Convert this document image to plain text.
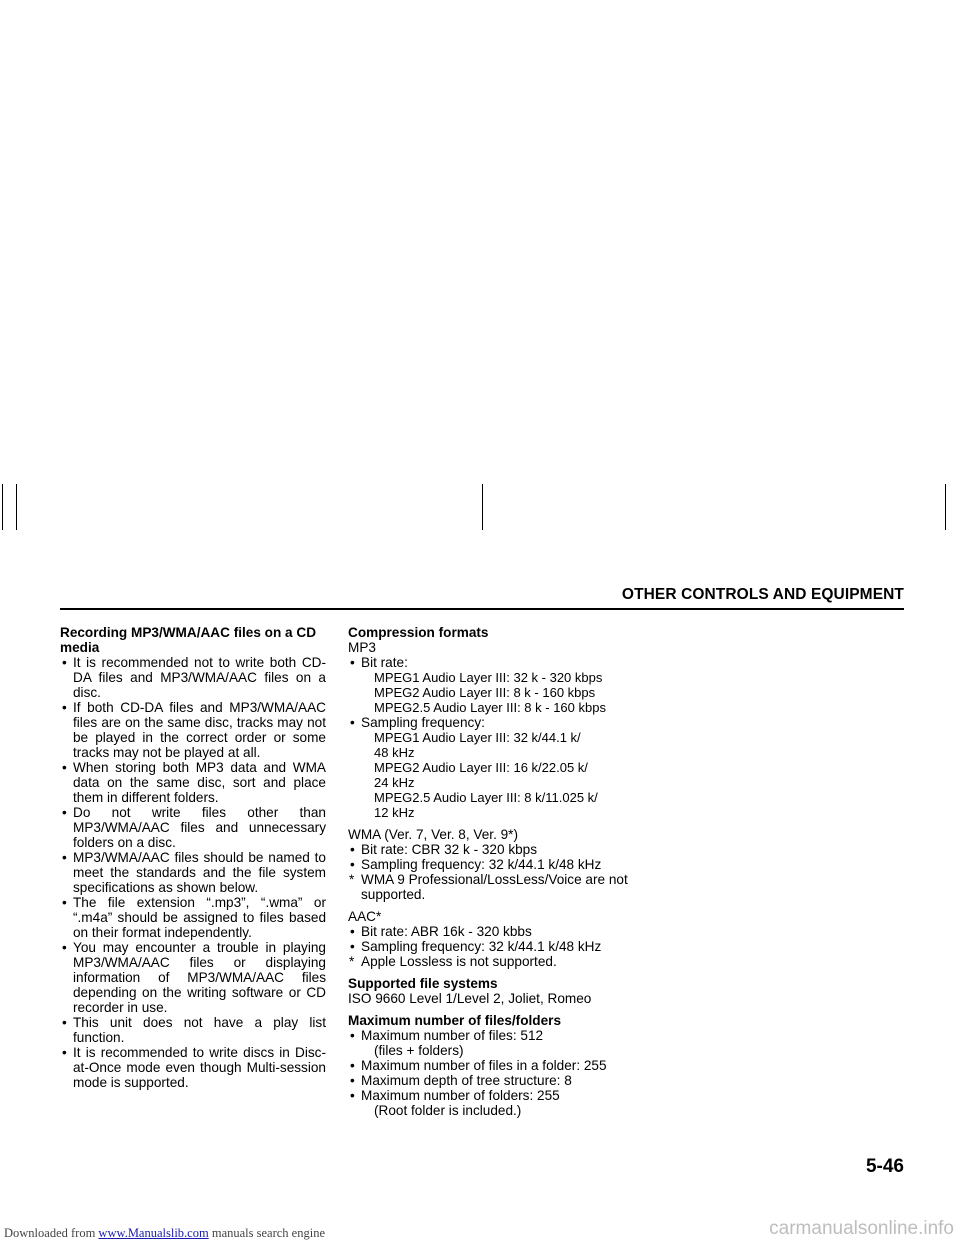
OTHER CONTROLS AND EQUIPMENT
Recording MP3/WMA/AAC files on a CD media
• It is recommended not to write both CD-DA files and MP3/WMA/AAC files on a disc.
• If both CD-DA files and MP3/WMA/AAC files are on the same disc, tracks may not be played in the correct order or some tracks may not be played at all.
• When storing both MP3 data and WMA data on the same disc, sort and place them in different folders.
• Do not write files other than MP3/WMA/AAC files and unnecessary folders on a disc.
• MP3/WMA/AAC files should be named to meet the standards and the file system specifications as shown below.
• The file extension “.mp3”, “.wma” or “.m4a” should be assigned to files based on their format independently.
• You may encounter a trouble in playing MP3/WMA/AAC files or displaying information of MP3/WMA/AAC files depending on the writing software or CD recorder in use.
• This unit does not have a play list function.
• It is recommended to write discs in Disc-at-Once mode even though Multi-session mode is supported.
Compression formats
MP3
• Bit rate:
MPEG1 Audio Layer III: 32 k - 320 kbps
MPEG2 Audio Layer III: 8 k - 160 kbps
MPEG2.5 Audio Layer III: 8 k - 160 kbps
• Sampling frequency:
MPEG1 Audio Layer III: 32 k/44.1 k/
48 kHz
MPEG2 Audio Layer III: 16 k/22.05 k/
24 kHz
MPEG2.5 Audio Layer III: 8 k/11.025 k/
12 kHz
WMA (Ver. 7, Ver. 8, Ver. 9*)
• Bit rate: CBR 32 k - 320 kbps
• Sampling frequency: 32 k/44.1 k/48 kHz
* WMA 9 Professional/LossLess/Voice are not supported.
AAC*
• Bit rate: ABR 16k - 320 kbbs
• Sampling frequency: 32 k/44.1 k/48 kHz
* Apple Lossless is not supported.
Supported file systems
ISO 9660 Level 1/Level 2, Joliet, Romeo
Maximum number of files/folders
• Maximum number of files: 512
(files + folders)
• Maximum number of files in a folder: 255
• Maximum depth of tree structure: 8
• Maximum number of folders: 255
(Root folder is included.)
5-46
Downloaded from www.Manualslib.com manuals search engine	carmanualsonline.info
